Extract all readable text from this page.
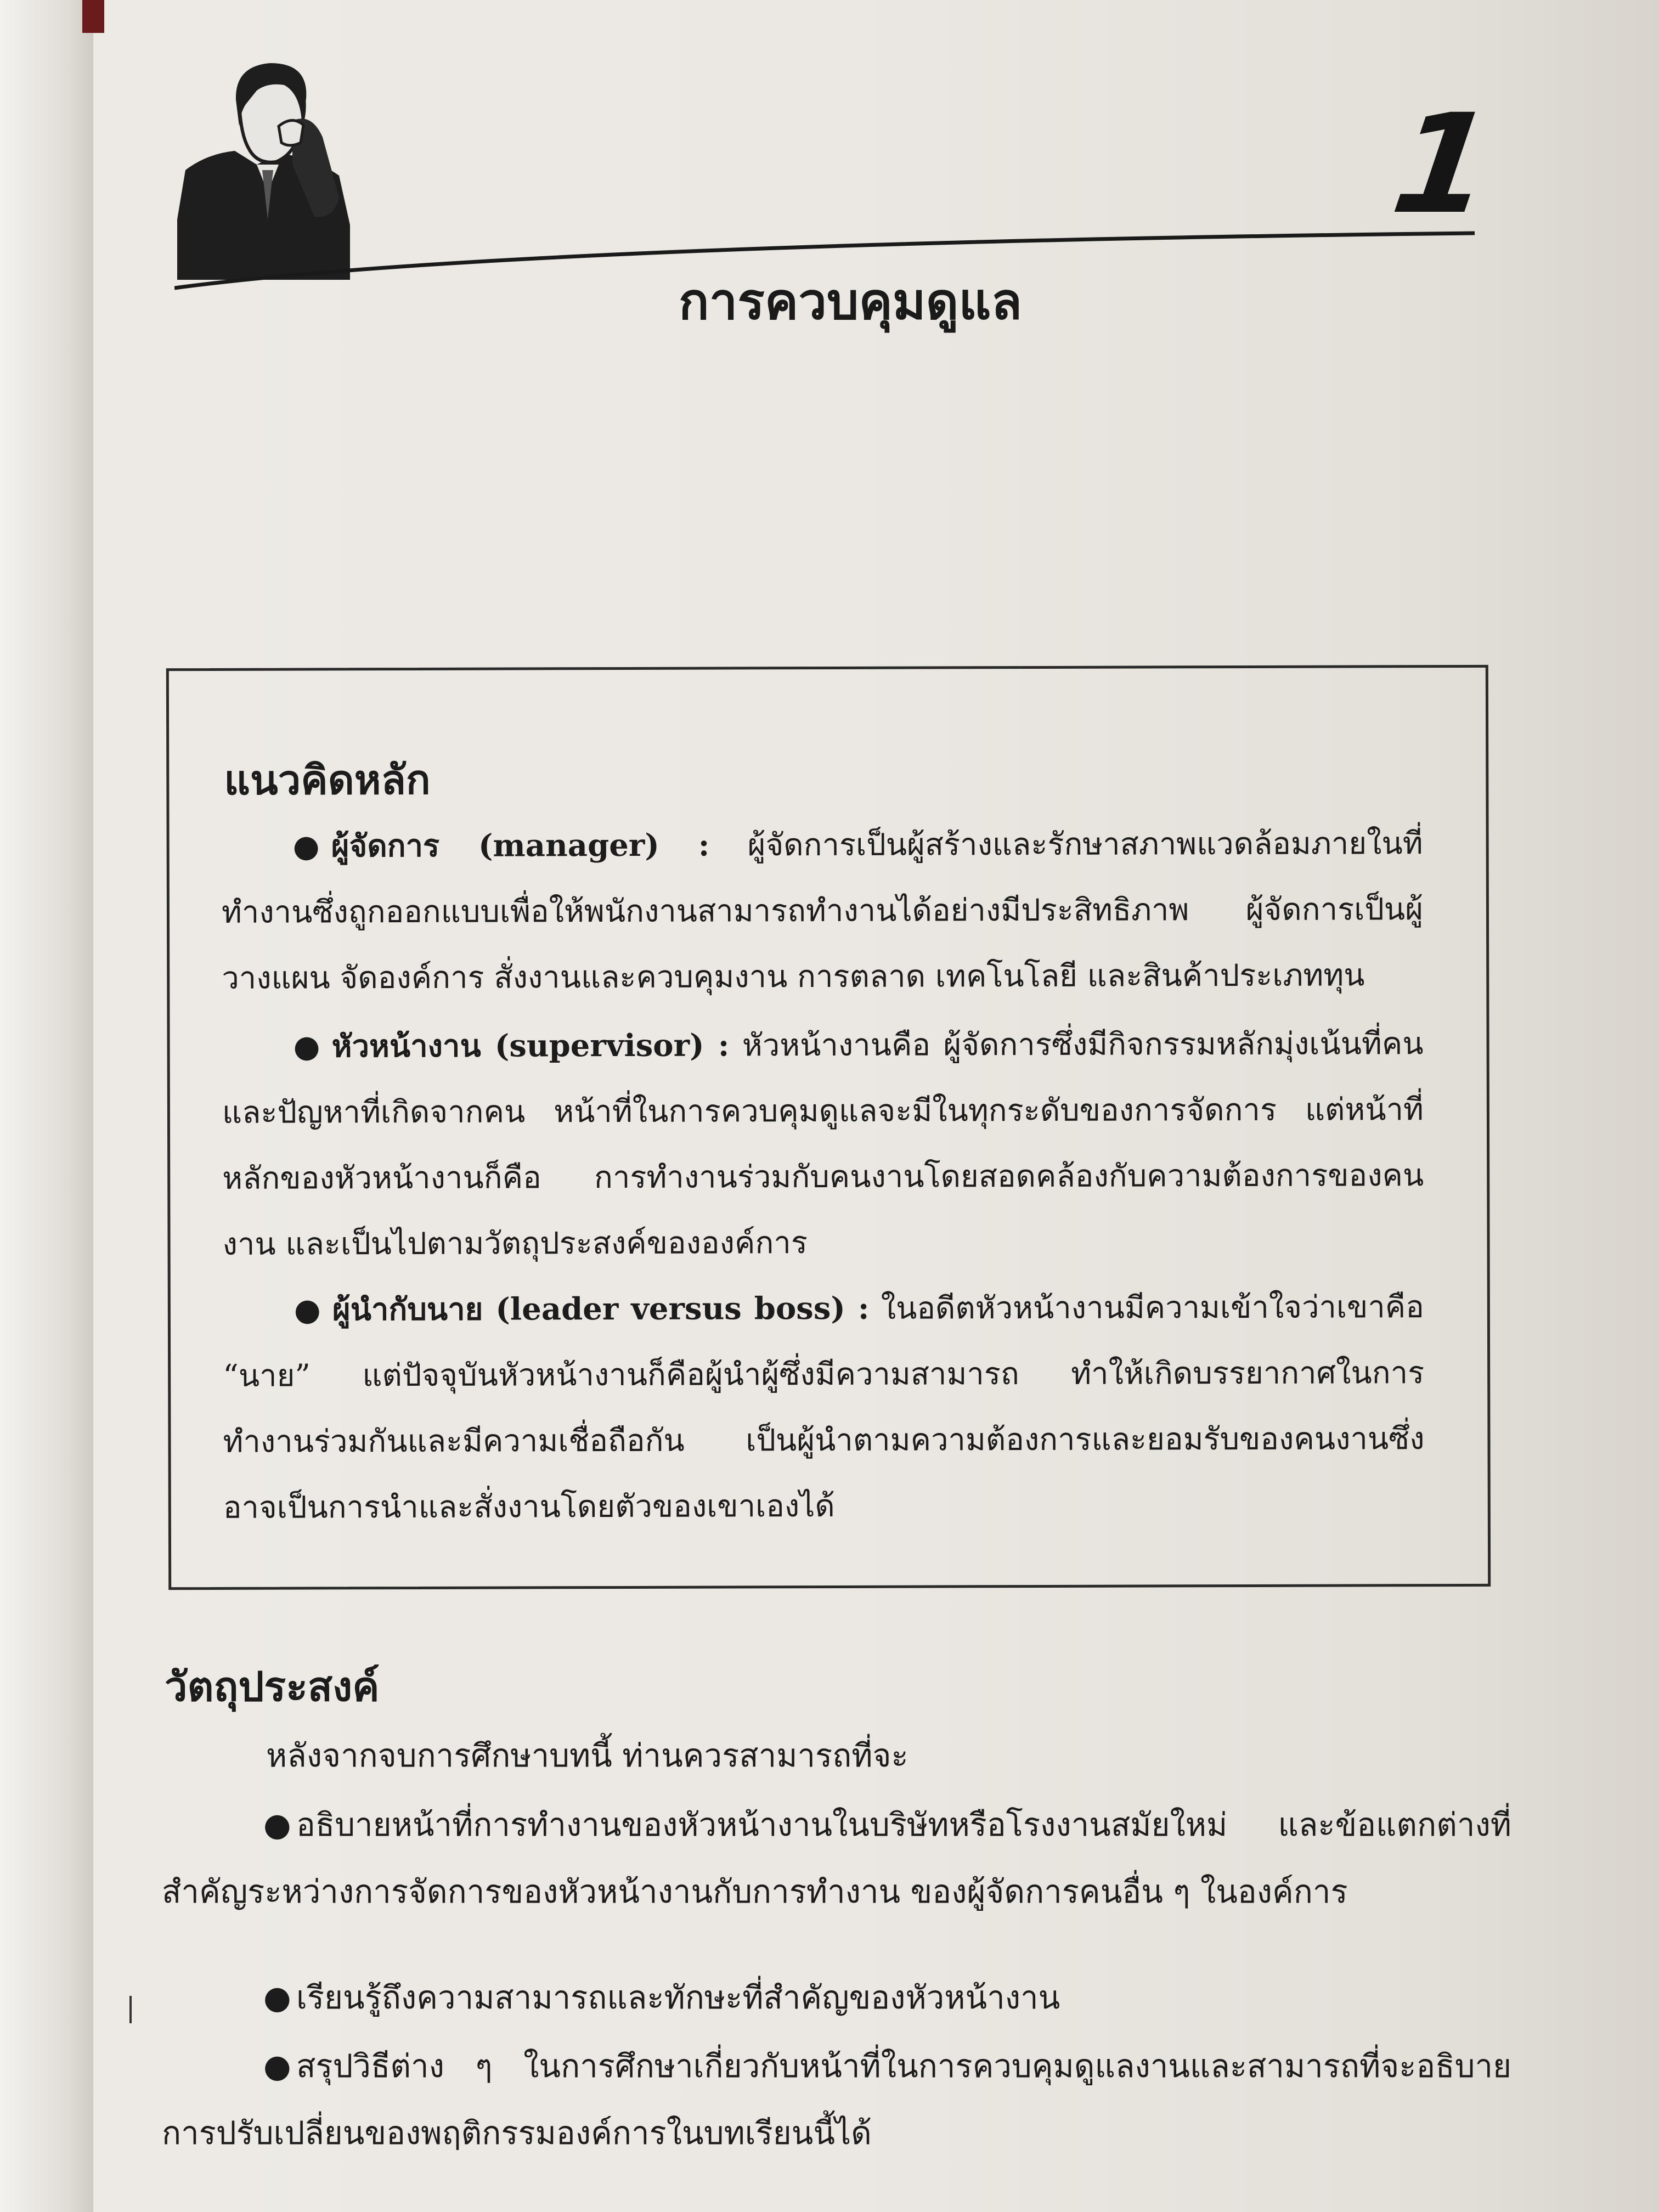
1
การควบคุมดูแล
แนวคิดหลัก
● ผู้จัดการ (manager) : ผู้จัดการเป็นผู้สร้างและรักษาสภาพแวดล้อมภายในที่ทำงานซึ่งถูกออกแบบเพื่อให้พนักงานสามารถทำงานได้อย่างมีประสิทธิภาพ ผู้จัดการเป็นผู้วางแผน จัดองค์การ สั่งงานและควบคุมงาน การตลาด เทคโนโลยี และสินค้าประเภททุน
● หัวหน้างาน (supervisor) : หัวหน้างานคือ ผู้จัดการซึ่งมีกิจกรรมหลักมุ่งเน้นที่คนและปัญหาที่เกิดจากคน หน้าที่ในการควบคุมดูแลจะมีในทุกระดับของการจัดการ แต่หน้าที่หลักของหัวหน้างานก็คือ การทำงานร่วมกับคนงานโดยสอดคล้องกับความต้องการของคนงาน และเป็นไปตามวัตถุประสงค์ขององค์การ
● ผู้นำกับนาย (leader versus boss) : ในอดีตหัวหน้างานมีความเข้าใจว่าเขาคือ “นาย” แต่ปัจจุบันหัวหน้างานก็คือผู้นำผู้ซึ่งมีความสามารถ ทำให้เกิดบรรยากาศในการทำงานร่วมกันและมีความเชื่อถือกัน เป็นผู้นำตามความต้องการและยอมรับของคนงานซึ่งอาจเป็นการนำและสั่งงานโดยตัวของเขาเองได้
วัตถุประสงค์
หลังจากจบการศึกษาบทนี้ ท่านควรสามารถที่จะ
● อธิบายหน้าที่การทำงานของหัวหน้างานในบริษัทหรือโรงงานสมัยใหม่ และข้อแตกต่างที่สำคัญระหว่างการจัดการของหัวหน้างานกับการทำงาน ของผู้จัดการคนอื่น ๆ ในองค์การ
● เรียนรู้ถึงความสามารถและทักษะที่สำคัญของหัวหน้างาน
● สรุปวิธีต่าง ๆ ในการศึกษาเกี่ยวกับหน้าที่ในการควบคุมดูแลงานและสามารถที่จะอธิบายการปรับเปลี่ยนของพฤติกรรมองค์การในบทเรียนนี้ได้
